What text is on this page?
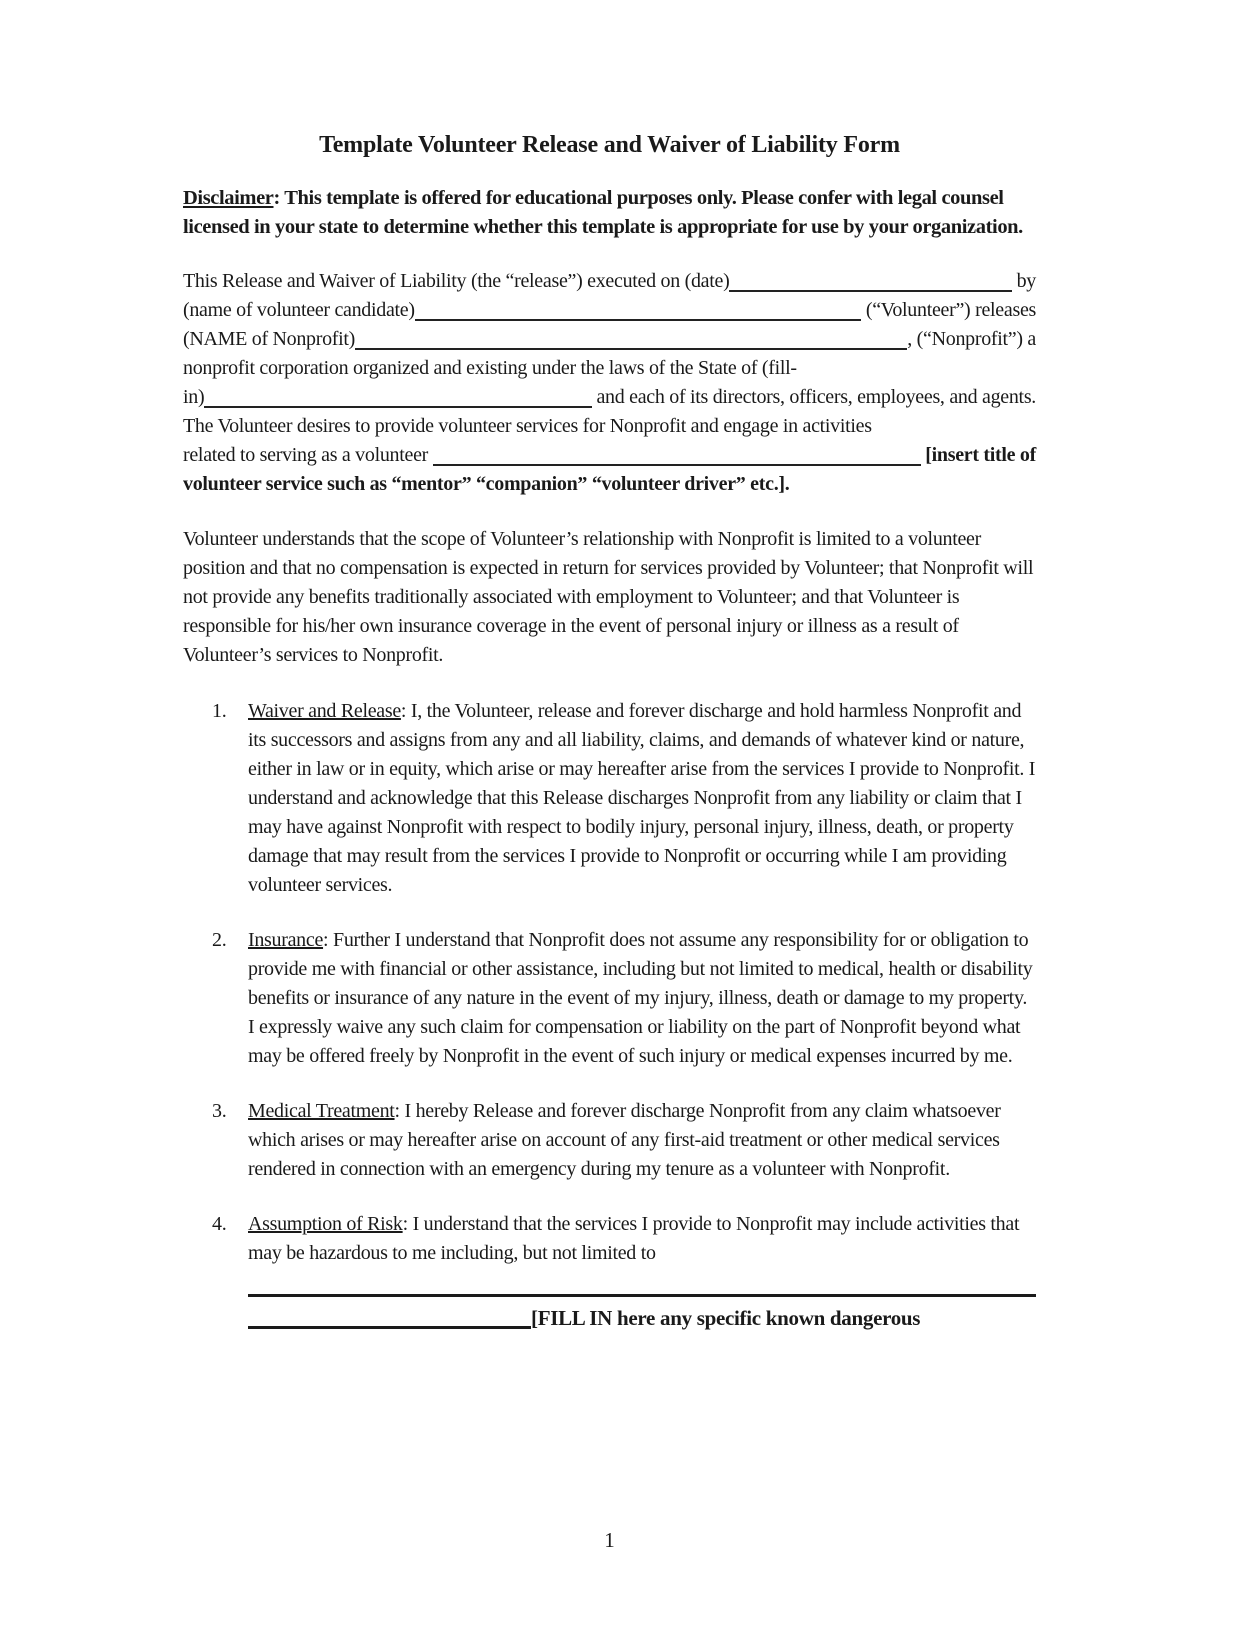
Template Volunteer Release and Waiver of Liability Form

Disclaimer: This template is offered for educational purposes only. Please confer with legal counsel licensed in your state to determine whether this template is appropriate for use by your organization.

This Release and Waiver of Liability (the “release”) executed on (date)	by
(name of volunteer candidate)	(“Volunteer”) releases
(NAME of Nonprofit)	, (“Nonprofit”) a
nonprofit corporation organized and existing under the laws of the State of (fill-
in)	and each of its directors, officers, employees, and agents.
The Volunteer desires to provide volunteer services for Nonprofit and engage in activities
related to serving as a volunteer	[insert title of
volunteer service such as “mentor” “companion” “volunteer driver” etc.].

Volunteer understands that the scope of Volunteer’s relationship with Nonprofit is limited to a volunteer position and that no compensation is expected in return for services provided by Volunteer; that Nonprofit will not provide any benefits traditionally associated with employment to Volunteer; and that Volunteer is responsible for his/her own insurance coverage in the event of personal injury or illness as a result of Volunteer’s services to Nonprofit.

1.	Waiver and Release: I, the Volunteer, release and forever discharge and hold harmless Nonprofit and its successors and assigns from any and all liability, claims, and demands of whatever kind or nature, either in law or in equity, which arise or may hereafter arise from the services I provide to Nonprofit. I understand and acknowledge that this Release discharges Nonprofit from any liability or claim that I may have against Nonprofit with respect to bodily injury, personal injury, illness, death, or property damage that may result from the services I provide to Nonprofit or occurring while I am providing volunteer services.
2.	Insurance: Further I understand that Nonprofit does not assume any responsibility for or obligation to provide me with financial or other assistance, including but not limited to medical, health or disability benefits or insurance of any nature in the event of my injury, illness, death or damage to my property. I expressly waive any such claim for compensation or liability on the part of Nonprofit beyond what may be offered freely by Nonprofit in the event of such injury or medical expenses incurred by me.
3.	Medical Treatment: I hereby Release and forever discharge Nonprofit from any claim whatsoever which arises or may hereafter arise on account of any first-aid treatment or other medical services rendered in connection with an emergency during my tenure as a volunteer with Nonprofit.
4.	Assumption of Risk: I understand that the services I provide to Nonprofit may include activities that may be hazardous to me including, but not limited to
[FILL IN here any specific known dangerous
1
